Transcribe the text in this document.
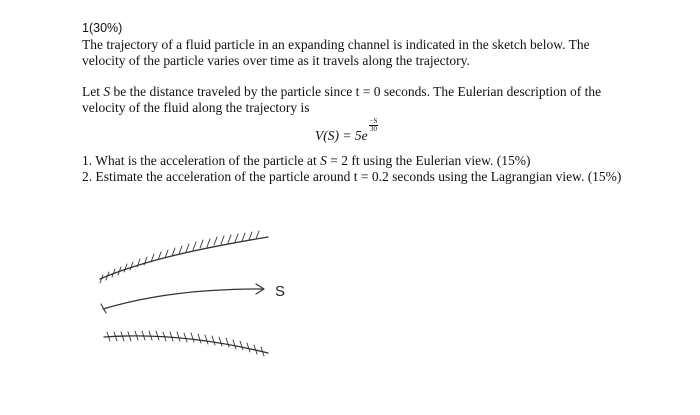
1(30%)

The trajectory of a fluid particle in an expanding channel is indicated in the sketch below. The velocity of the particle varies over time as it travels along the trajectory.

Let S be the distance traveled by the particle since t = 0 seconds. The Eulerian description of the velocity of the fluid along the trajectory is

V(S) = 5e
$\frac{-S}{30}$

1. What is the acceleration of the particle at S = 2 ft using the Eulerian view. (15%)
2. Estimate the acceleration of the particle around t = 0.2 seconds using the Lagrangian view. (15%)

S
